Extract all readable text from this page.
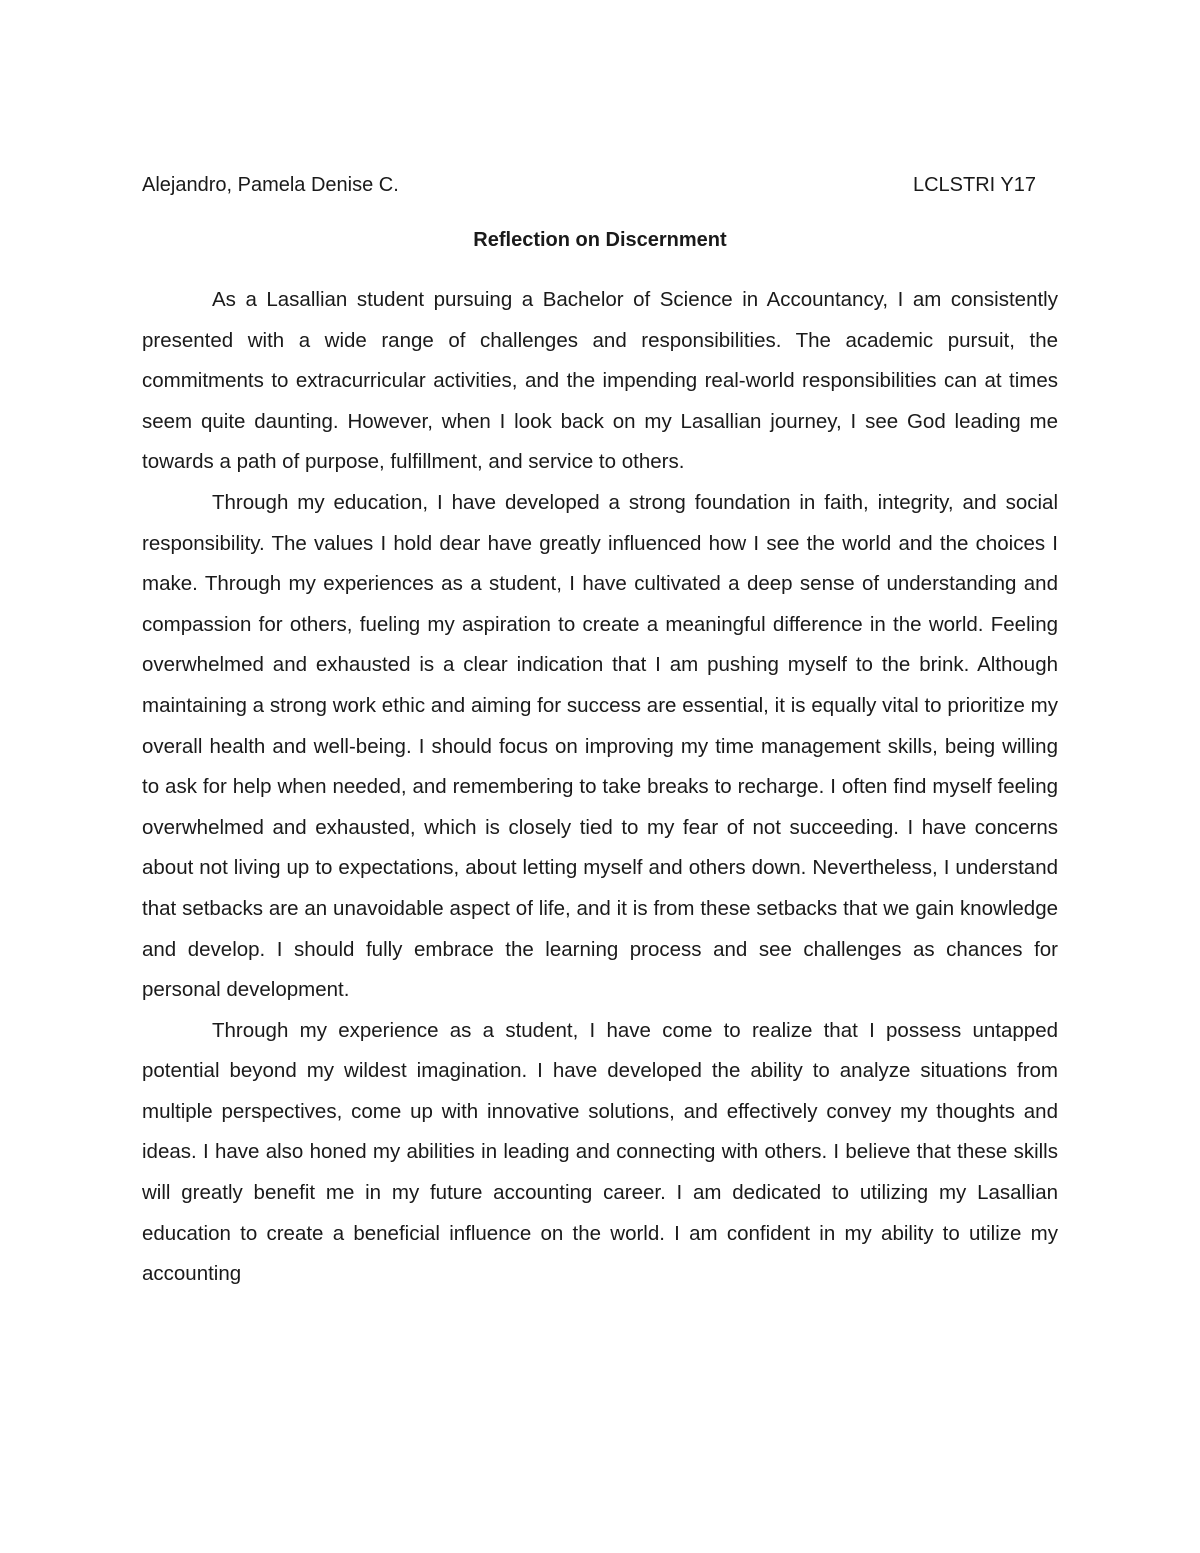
Alejandro, Pamela Denise C.	LCLSTRI Y17
Reflection on Discernment

As a Lasallian student pursuing a Bachelor of Science in Accountancy, I am consistently presented with a wide range of challenges and responsibilities. The academic pursuit, the commitments to extracurricular activities, and the impending real-world responsibilities can at times seem quite daunting. However, when I look back on my Lasallian journey, I see God leading me towards a path of purpose, fulfillment, and service to others.

Through my education, I have developed a strong foundation in faith, integrity, and social responsibility. The values I hold dear have greatly influenced how I see the world and the choices I make. Through my experiences as a student, I have cultivated a deep sense of understanding and compassion for others, fueling my aspiration to create a meaningful difference in the world. Feeling overwhelmed and exhausted is a clear indication that I am pushing myself to the brink. Although maintaining a strong work ethic and aiming for success are essential, it is equally vital to prioritize my overall health and well-being. I should focus on improving my time management skills, being willing to ask for help when needed, and remembering to take breaks to recharge. I often find myself feeling overwhelmed and exhausted, which is closely tied to my fear of not succeeding. I have concerns about not living up to expectations, about letting myself and others down. Nevertheless, I understand that setbacks are an unavoidable aspect of life, and it is from these setbacks that we gain knowledge and develop. I should fully embrace the learning process and see challenges as chances for personal development.

Through my experience as a student, I have come to realize that I possess untapped potential beyond my wildest imagination. I have developed the ability to analyze situations from multiple perspectives, come up with innovative solutions, and effectively convey my thoughts and ideas. I have also honed my abilities in leading and connecting with others. I believe that these skills will greatly benefit me in my future accounting career. I am dedicated to utilizing my Lasallian education to create a beneficial influence on the world. I am confident in my ability to utilize my accounting
